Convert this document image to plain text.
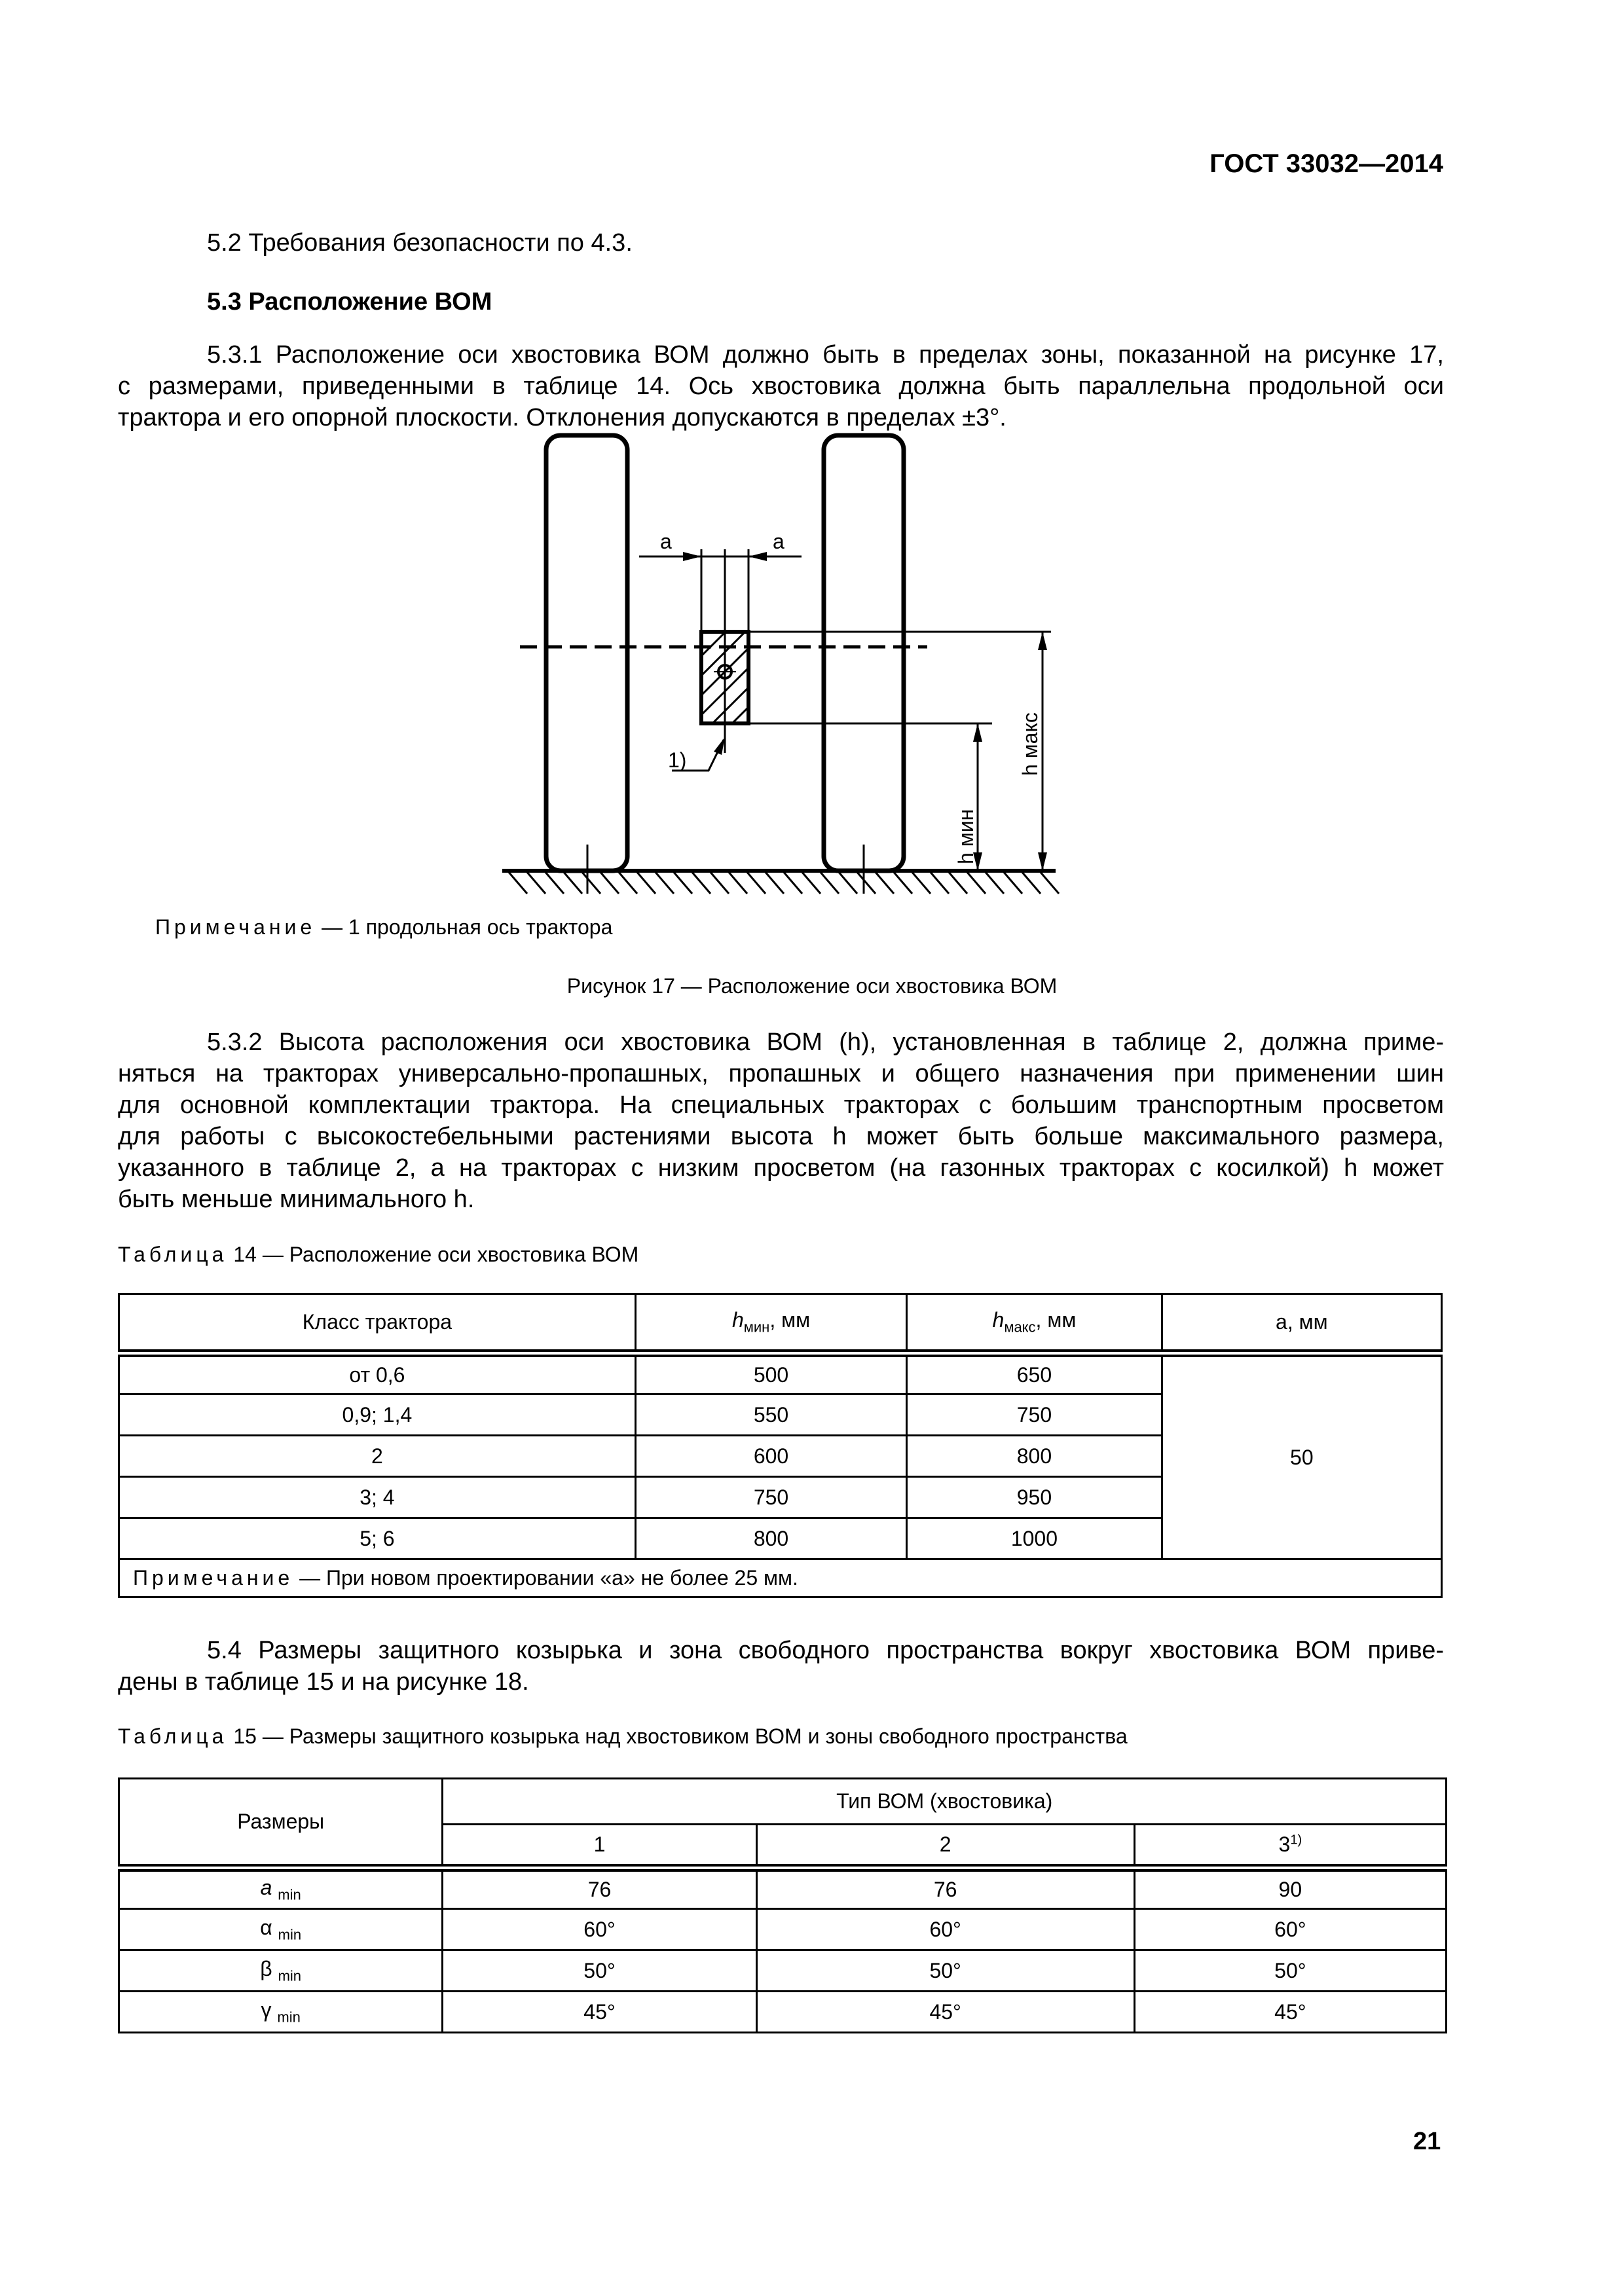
ГОСТ 33032—2014
5.2 Требования безопасности по 4.3.
5.3 Расположение ВОМ
5.3.1 Расположение оси хвостовика ВОМ должно быть в пределах зоны, показанной на рисунке 17,
с размерами, приведенными в таблице 14. Ось хвостовика должна быть параллельна продольной оси
трактора и его опорной плоскости. Отклонения допускаются в пределах ±3°.
a	a
1)
h мин
h макс
Примечание — 1 продольная ось трактора
Рисунок 17 — Расположение оси хвостовика ВОМ
5.3.2 Высота расположения оси хвостовика ВОМ (h), установленная в таблице 2, должна приме-
няться на тракторах универсально-пропашных, пропашных и общего назначения при применении шин
для основной комплектации трактора. На специальных тракторах с большим транспортным просветом
для работы с высокостебельными растениями высота h может быть больше максимального размера,
указанного в таблице 2, а на тракторах с низким просветом (на газонных тракторах с косилкой) h может
быть меньше минимального h.
Таблица 14 — Расположение оси хвостовика ВОМ
Класс трактора	$h_{мин}$, мм	$h_{макс}$, мм	а, мм
от 0,6	500	650	50
0,9; 1,4	550	750	
2	600	800	
3; 4	750	950	
5; 6	800	1000	
Примечание — При новом проектировании «а» не более 25 мм.			
5.4 Размеры защитного козырька и зона свободного пространства вокруг хвостовика ВОМ приве-
дены в таблице 15 и на рисунке 18.
Таблица 15 — Размеры защитного козырька над хвостовиком ВОМ и зоны свободного пространства
Размеры	Тип ВОМ (хвостовика)		
	1	2	3$^{1)}$
a $_{min}$	76	76	90
α $_{min}$	60°	60°	60°
β $_{min}$	50°	50°	50°
γ $_{min}$	45°	45°	45°
21
